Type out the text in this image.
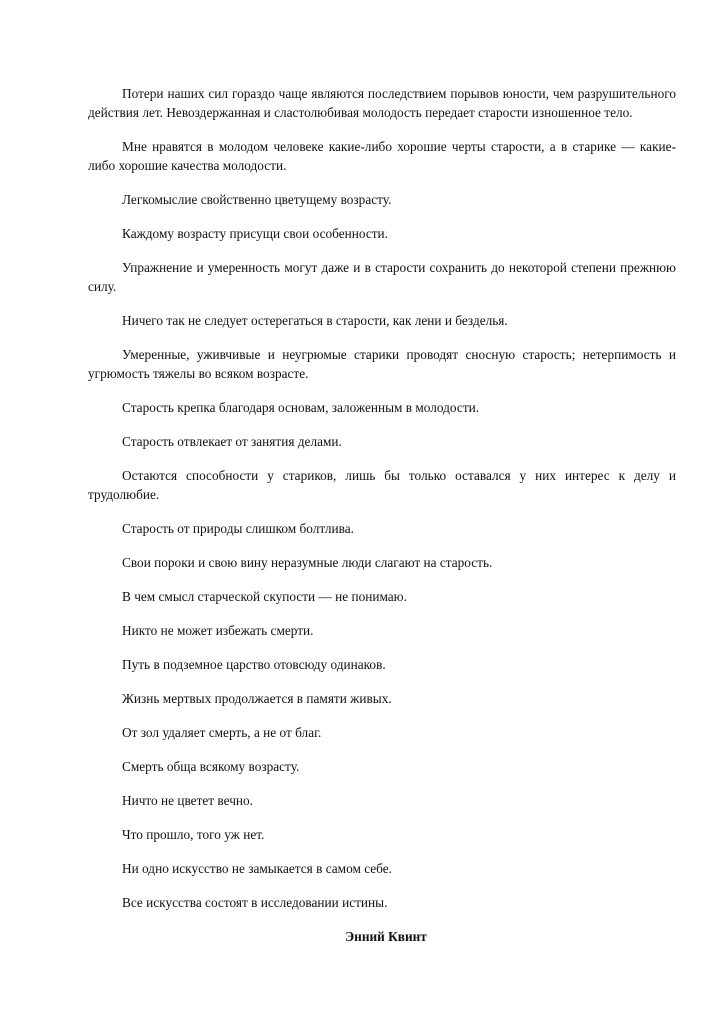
Потери наших сил гораздо чаще являются последствием порывов юности, чем разрушительного действия лет. Невоздержанная и сластолюбивая молодость передает старости изношенное тело.

Мне нравятся в молодом человеке какие-либо хорошие черты старости, а в старике — какие-либо хорошие качества молодости.

Легкомыслие свойственно цветущему возрасту.

Каждому возрасту присущи свои особенности.

Упражнение и умеренность могут даже и в старости сохранить до некоторой степени прежнюю силу.

Ничего так не следует остерегаться в старости, как лени и безделья.

Умеренные, уживчивые и неугрюмые старики проводят сносную старость; нетерпимость и угрюмость тяжелы во всяком возрасте.

Старость крепка благодаря основам, заложенным в молодости.

Старость отвлекает от занятия делами.

Остаются способности у стариков, лишь бы только оставался у них интерес к делу и трудолюбие.

Старость от природы слишком болтлива.

Свои пороки и свою вину неразумные люди слагают на старость.

В чем смысл старческой скупости — не понимаю.

Никто не может избежать смерти.

Путь в подземное царство отовсюду одинаков.

Жизнь мертвых продолжается в памяти живых.

От зол удаляет смерть, а не от благ.

Смерть обща всякому возрасту.

Ничто не цветет вечно.

Что прошло, того уж нет.

Ни одно искусство не замыкается в самом себе.

Все искусства состоят в исследовании истины.

Энний Квинт
